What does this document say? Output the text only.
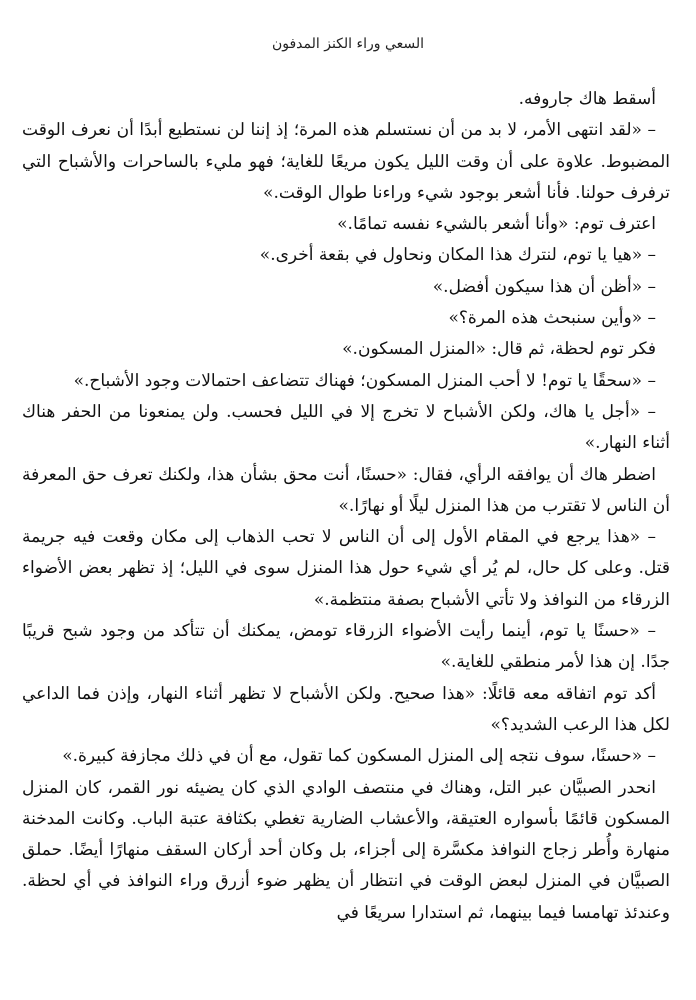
السعي وراء الكنز المدفون

أسقط هاك جاروفه.

– «لقد انتهى الأمر، لا بد من أن نستسلم هذه المرة؛ إذ إننا لن نستطيع أبدًا أن نعرف الوقت المضبوط. علاوة على أن وقت الليل يكون مريعًا للغاية؛ فهو مليء بالساحرات والأشباح التي ترفرف حولنا. فأنا أشعر بوجود شيء وراءنا طوال الوقت.»

اعترف توم: «وأنا أشعر بالشيء نفسه تمامًا.»

– «هيا يا توم، لنترك هذا المكان ونحاول في بقعة أخرى.»

– «أظن أن هذا سيكون أفضل.»

– «وأين سنبحث هذه المرة؟»

فكر توم لحظة، ثم قال: «المنزل المسكون.»

– «سحقًا يا توم! لا أحب المنزل المسكون؛ فهناك تتضاعف احتمالات وجود الأشباح.»

– «أجل يا هاك، ولكن الأشباح لا تخرج إلا في الليل فحسب. ولن يمنعونا من الحفر هناك أثناء النهار.»

اضطر هاك أن يوافقه الرأي، فقال: «حسنًا، أنت محق بشأن هذا، ولكنك تعرف حق المعرفة أن الناس لا تقترب من هذا المنزل ليلًا أو نهارًا.»

– «هذا يرجع في المقام الأول إلى أن الناس لا تحب الذهاب إلى مكان وقعت فيه جريمة قتل. وعلى كل حال، لم يُر أي شيء حول هذا المنزل سوى في الليل؛ إذ تظهر بعض الأضواء الزرقاء من النوافذ ولا تأتي الأشباح بصفة منتظمة.»

– «حسنًا يا توم، أينما رأيت الأضواء الزرقاء تومض، يمكنك أن تتأكد من وجود شبح قريبًا جدًا. إن هذا لأمر منطقي للغاية.»

أكد توم اتفاقه معه قائلًا: «هذا صحيح. ولكن الأشباح لا تظهر أثناء النهار، وإذن فما الداعي لكل هذا الرعب الشديد؟»

– «حسنًا، سوف نتجه إلى المنزل المسكون كما تقول، مع أن في ذلك مجازفة كبيرة.»

انحدر الصبيَّان عبر التل، وهناك في منتصف الوادي الذي كان يضيئه نور القمر، كان المنزل المسكون قائمًا بأسواره العتيقة، والأعشاب الضارية تغطي بكثافة عتبة الباب. وكانت المدخنة منهارة وأُطر زجاج النوافذ مكسَّرة إلى أجزاء، بل وكان أحد أركان السقف منهارًا أيضًا. حملق الصبيَّان في المنزل لبعض الوقت في انتظار أن يظهر ضوء أزرق وراء النوافذ في أي لحظة. وعندئذ تهامسا فيما بينهما، ثم استدارا سريعًا في
